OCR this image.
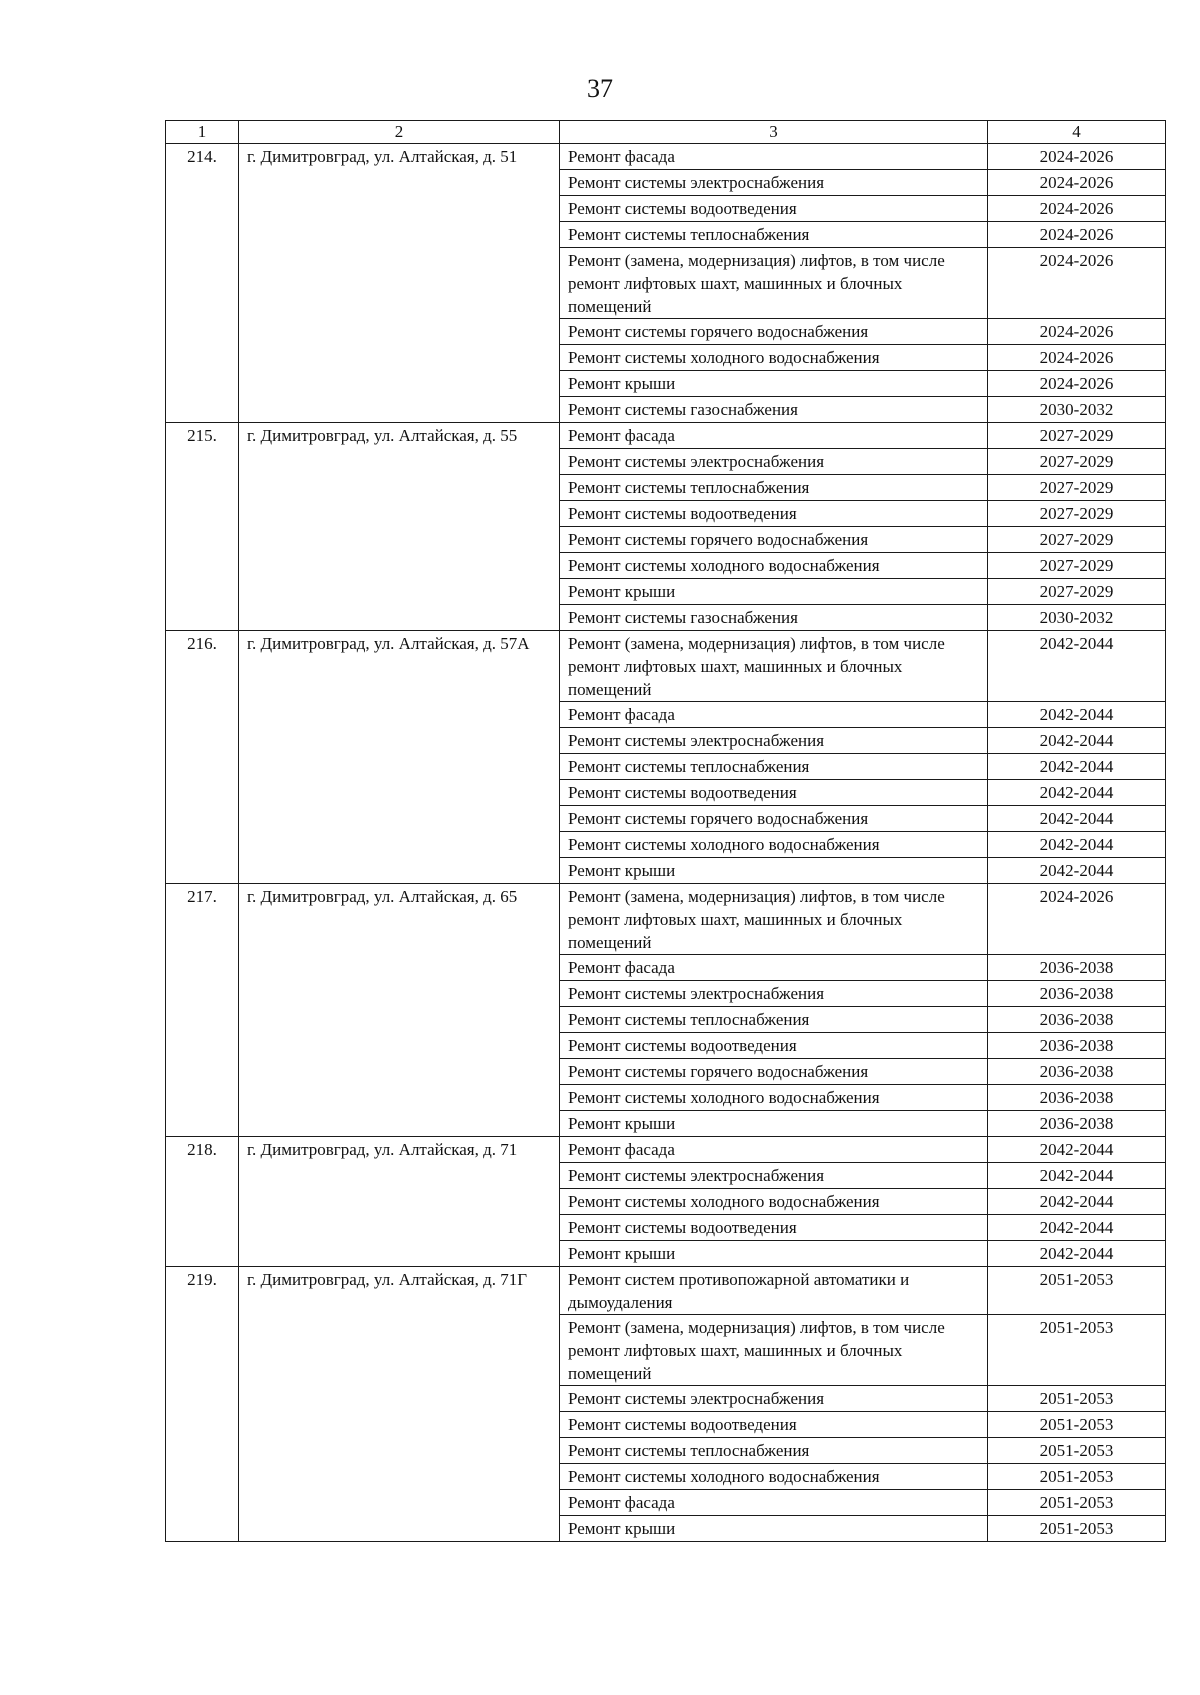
37
1	2	3	4
214.	г. Димитровград, ул. Алтайская, д. 51	Ремонт фасада	2024-2026
		Ремонт системы электроснабжения	2024-2026
		Ремонт системы водоотведения	2024-2026
		Ремонт системы теплоснабжения	2024-2026
		Ремонт (замена, модернизация) лифтов, в том числе ремонт лифтовых шахт, машинных и блочных помещений	2024-2026
		Ремонт системы горячего водоснабжения	2024-2026
		Ремонт системы холодного водоснабжения	2024-2026
		Ремонт крыши	2024-2026
		Ремонт системы газоснабжения	2030-2032
215.	г. Димитровград, ул. Алтайская, д. 55	Ремонт фасада	2027-2029
		Ремонт системы электроснабжения	2027-2029
		Ремонт системы теплоснабжения	2027-2029
		Ремонт системы водоотведения	2027-2029
		Ремонт системы горячего водоснабжения	2027-2029
		Ремонт системы холодного водоснабжения	2027-2029
		Ремонт крыши	2027-2029
		Ремонт системы газоснабжения	2030-2032
216.	г. Димитровград, ул. Алтайская, д. 57А	Ремонт (замена, модернизация) лифтов, в том числе ремонт лифтовых шахт, машинных и блочных помещений	2042-2044
		Ремонт фасада	2042-2044
		Ремонт системы электроснабжения	2042-2044
		Ремонт системы теплоснабжения	2042-2044
		Ремонт системы водоотведения	2042-2044
		Ремонт системы горячего водоснабжения	2042-2044
		Ремонт системы холодного водоснабжения	2042-2044
		Ремонт крыши	2042-2044
217.	г. Димитровград, ул. Алтайская, д. 65	Ремонт (замена, модернизация) лифтов, в том числе ремонт лифтовых шахт, машинных и блочных помещений	2024-2026
		Ремонт фасада	2036-2038
		Ремонт системы электроснабжения	2036-2038
		Ремонт системы теплоснабжения	2036-2038
		Ремонт системы водоотведения	2036-2038
		Ремонт системы горячего водоснабжения	2036-2038
		Ремонт системы холодного водоснабжения	2036-2038
		Ремонт крыши	2036-2038
218.	г. Димитровград, ул. Алтайская, д. 71	Ремонт фасада	2042-2044
		Ремонт системы электроснабжения	2042-2044
		Ремонт системы холодного водоснабжения	2042-2044
		Ремонт системы водоотведения	2042-2044
		Ремонт крыши	2042-2044
219.	г. Димитровград, ул. Алтайская, д. 71Г	Ремонт систем противопожарной автоматики и дымоудаления	2051-2053
		Ремонт (замена, модернизация) лифтов, в том числе ремонт лифтовых шахт, машинных и блочных помещений	2051-2053
		Ремонт системы электроснабжения	2051-2053
		Ремонт системы водоотведения	2051-2053
		Ремонт системы теплоснабжения	2051-2053
		Ремонт системы холодного водоснабжения	2051-2053
		Ремонт фасада	2051-2053
		Ремонт крыши	2051-2053
